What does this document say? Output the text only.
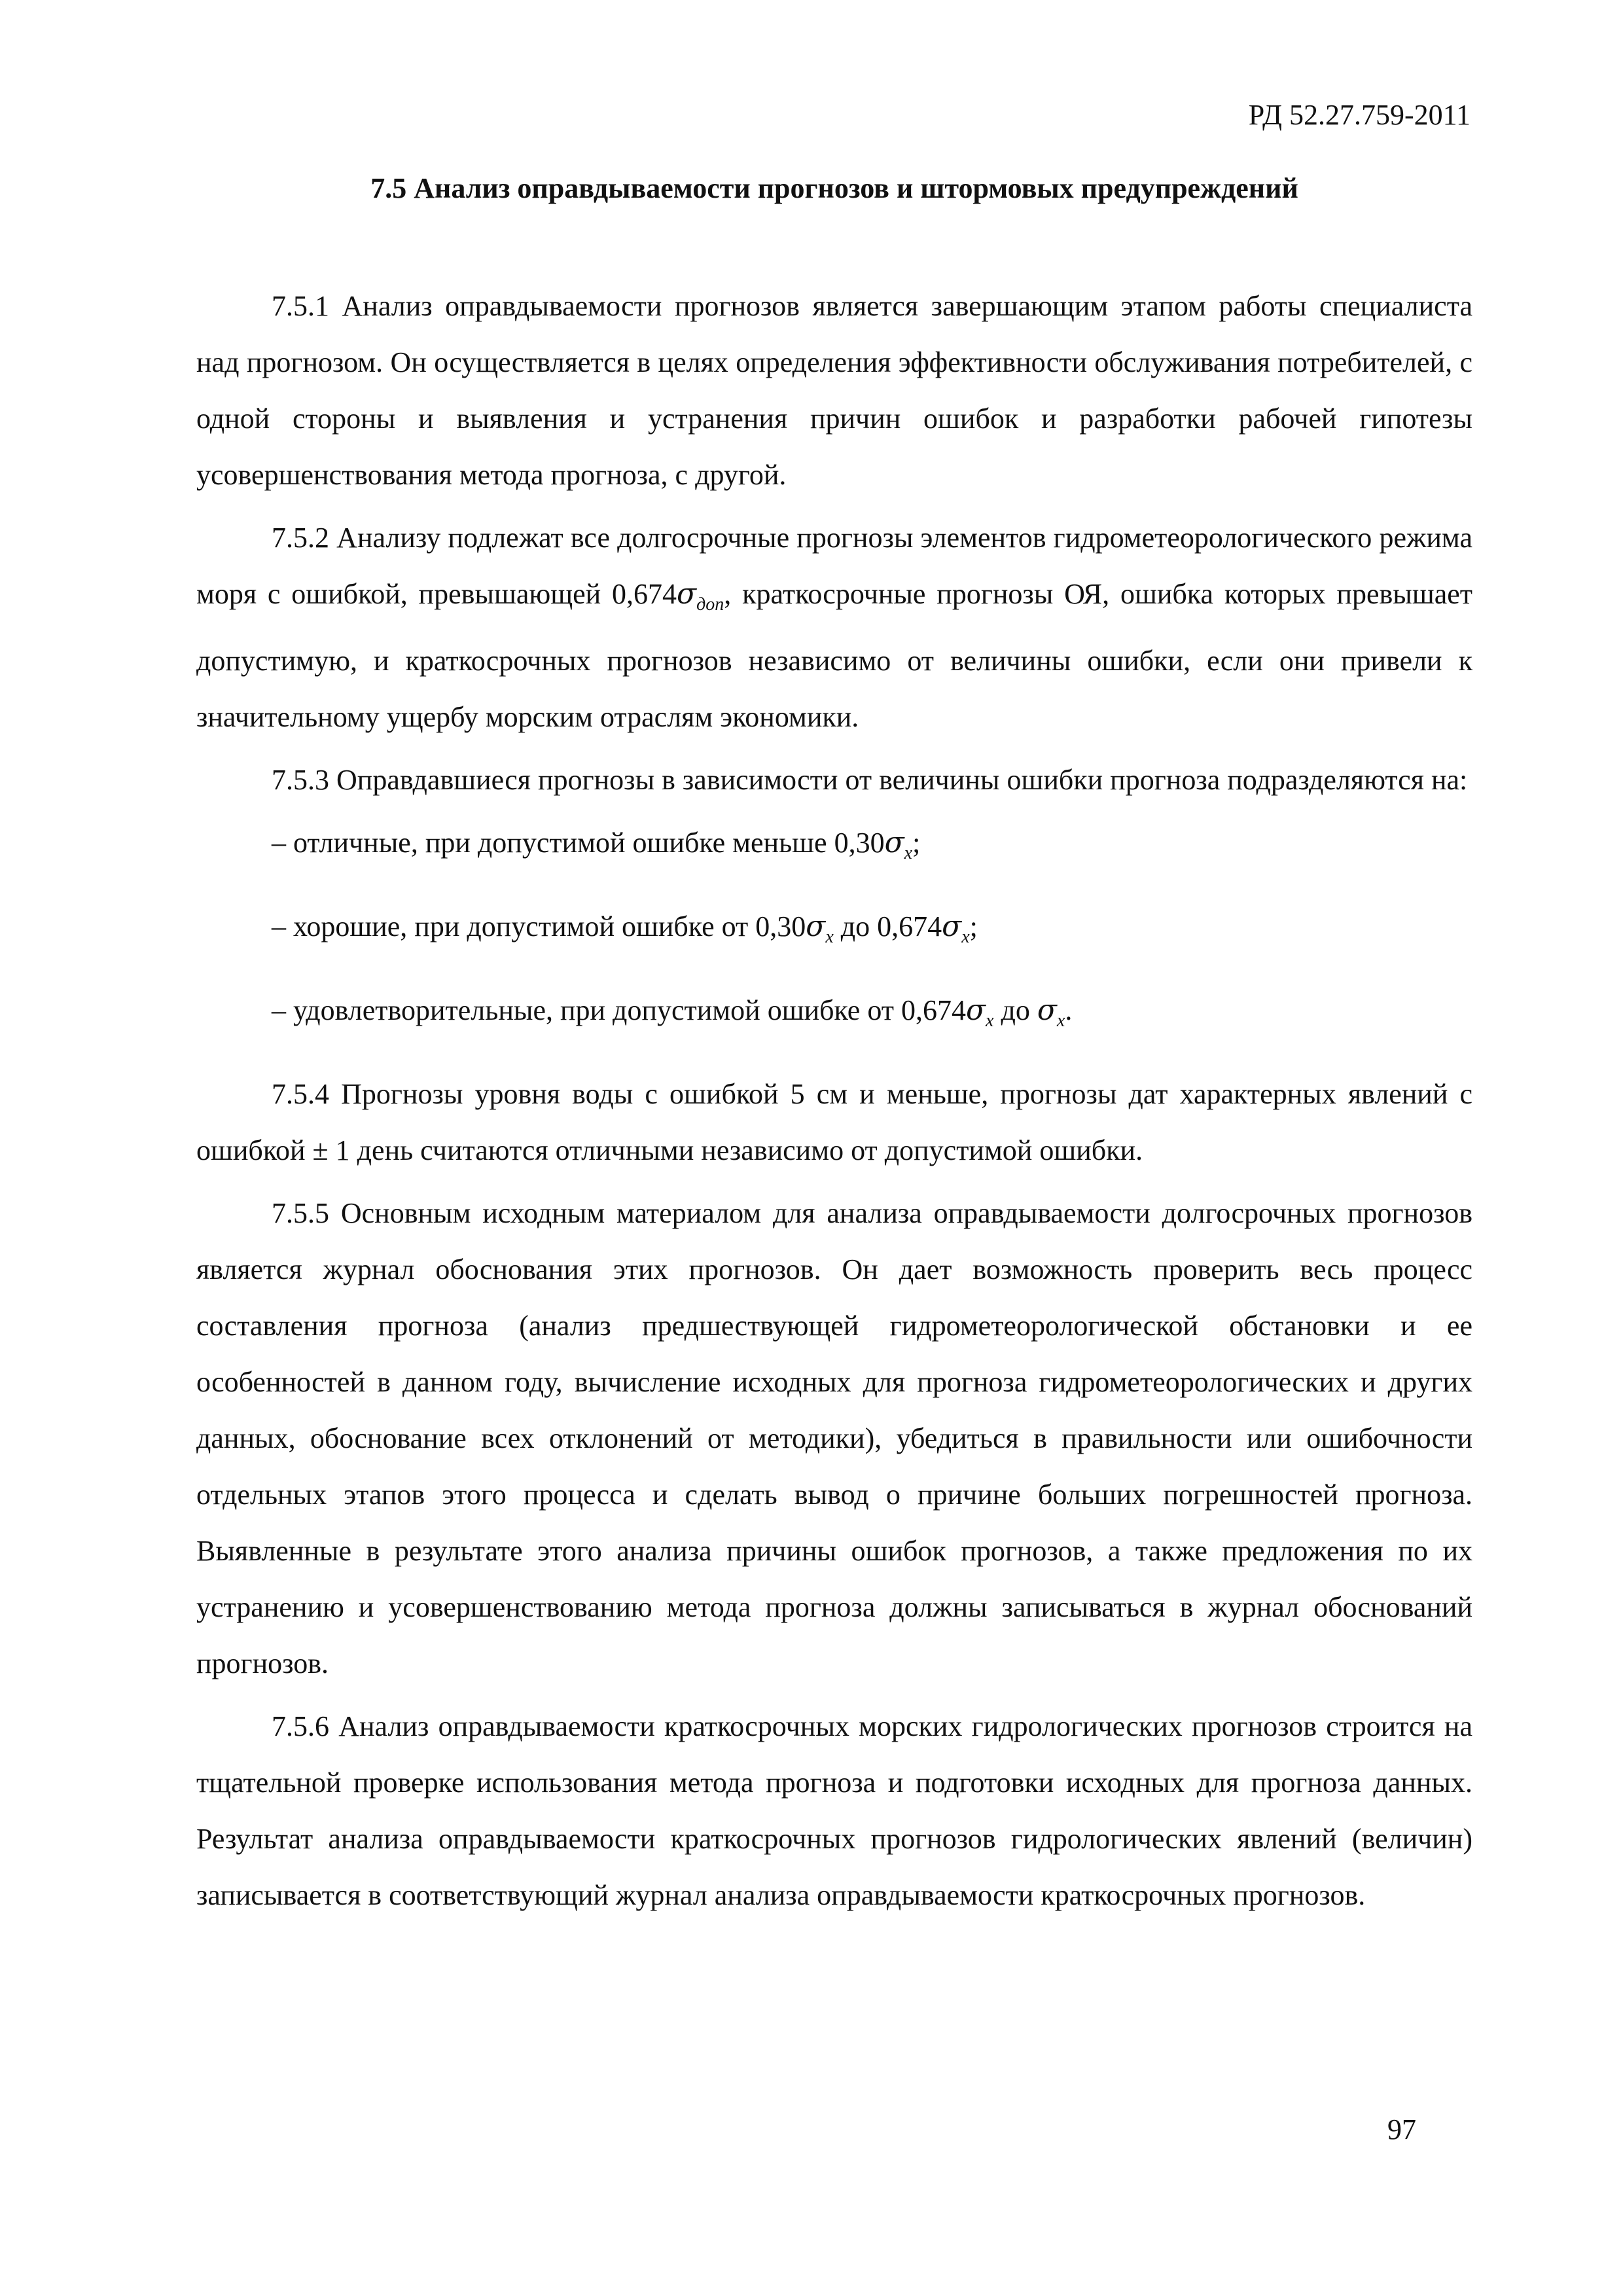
РД 52.27.759-2011
7.5 Анализ оправдываемости прогнозов и штормовых предупреждений

7.5.1 Анализ оправдываемости прогнозов является завершающим этапом работы специалиста над прогнозом. Он осуществляется в целях определения эффективности обслуживания потребителей, с одной стороны и выявления и устранения причин ошибок и разработки рабочей гипотезы усовершенствования метода прогноза, с другой.

7.5.2 Анализу подлежат все долгосрочные прогнозы элементов гидрометеорологического режима моря с ошибкой, превышающей $0,674\sigma_{доп}$, краткосрочные прогнозы ОЯ, ошибка которых превышает допустимую, и краткосрочных прогнозов независимо от величины ошибки, если они привели к значительному ущербу морским отраслям экономики.

7.5.3 Оправдавшиеся прогнозы в зависимости от величины ошибки прогноза подразделяются на:

– отличные, при допустимой ошибке меньше $0,30\sigma_x$;

– хорошие, при допустимой ошибке от $0,30\sigma_x$ до $0,674\sigma_x$;

– удовлетворительные, при допустимой ошибке от $0,674\sigma_x$ до $\sigma_x$.

7.5.4 Прогнозы уровня воды с ошибкой 5 см и меньше, прогнозы дат характерных явлений с ошибкой ± 1 день считаются отличными независимо от допустимой ошибки.

7.5.5 Основным исходным материалом для анализа оправдываемости долгосрочных прогнозов является журнал обоснования этих прогнозов. Он дает возможность проверить весь процесс составления прогноза (анализ предшествующей гидрометеорологической обстановки и ее особенностей в данном году, вычисление исходных для прогноза гидрометеорологических и других данных, обоснование всех отклонений от методики), убедиться в правильности или ошибочности отдельных этапов этого процесса и сделать вывод о причине больших погрешностей прогноза. Выявленные в результате этого анализа причины ошибок прогнозов, а также предложения по их устранению и усовершенствованию метода прогноза должны записываться в журнал обоснований прогнозов.

7.5.6 Анализ оправдываемости краткосрочных морских гидрологических прогнозов строится на тщательной проверке использования метода прогноза и подготовки исходных для прогноза данных. Результат анализа оправдываемости краткосрочных прогнозов гидрологических явлений (величин) записывается в соответствующий журнал анализа оправдываемости краткосрочных прогнозов.

97
